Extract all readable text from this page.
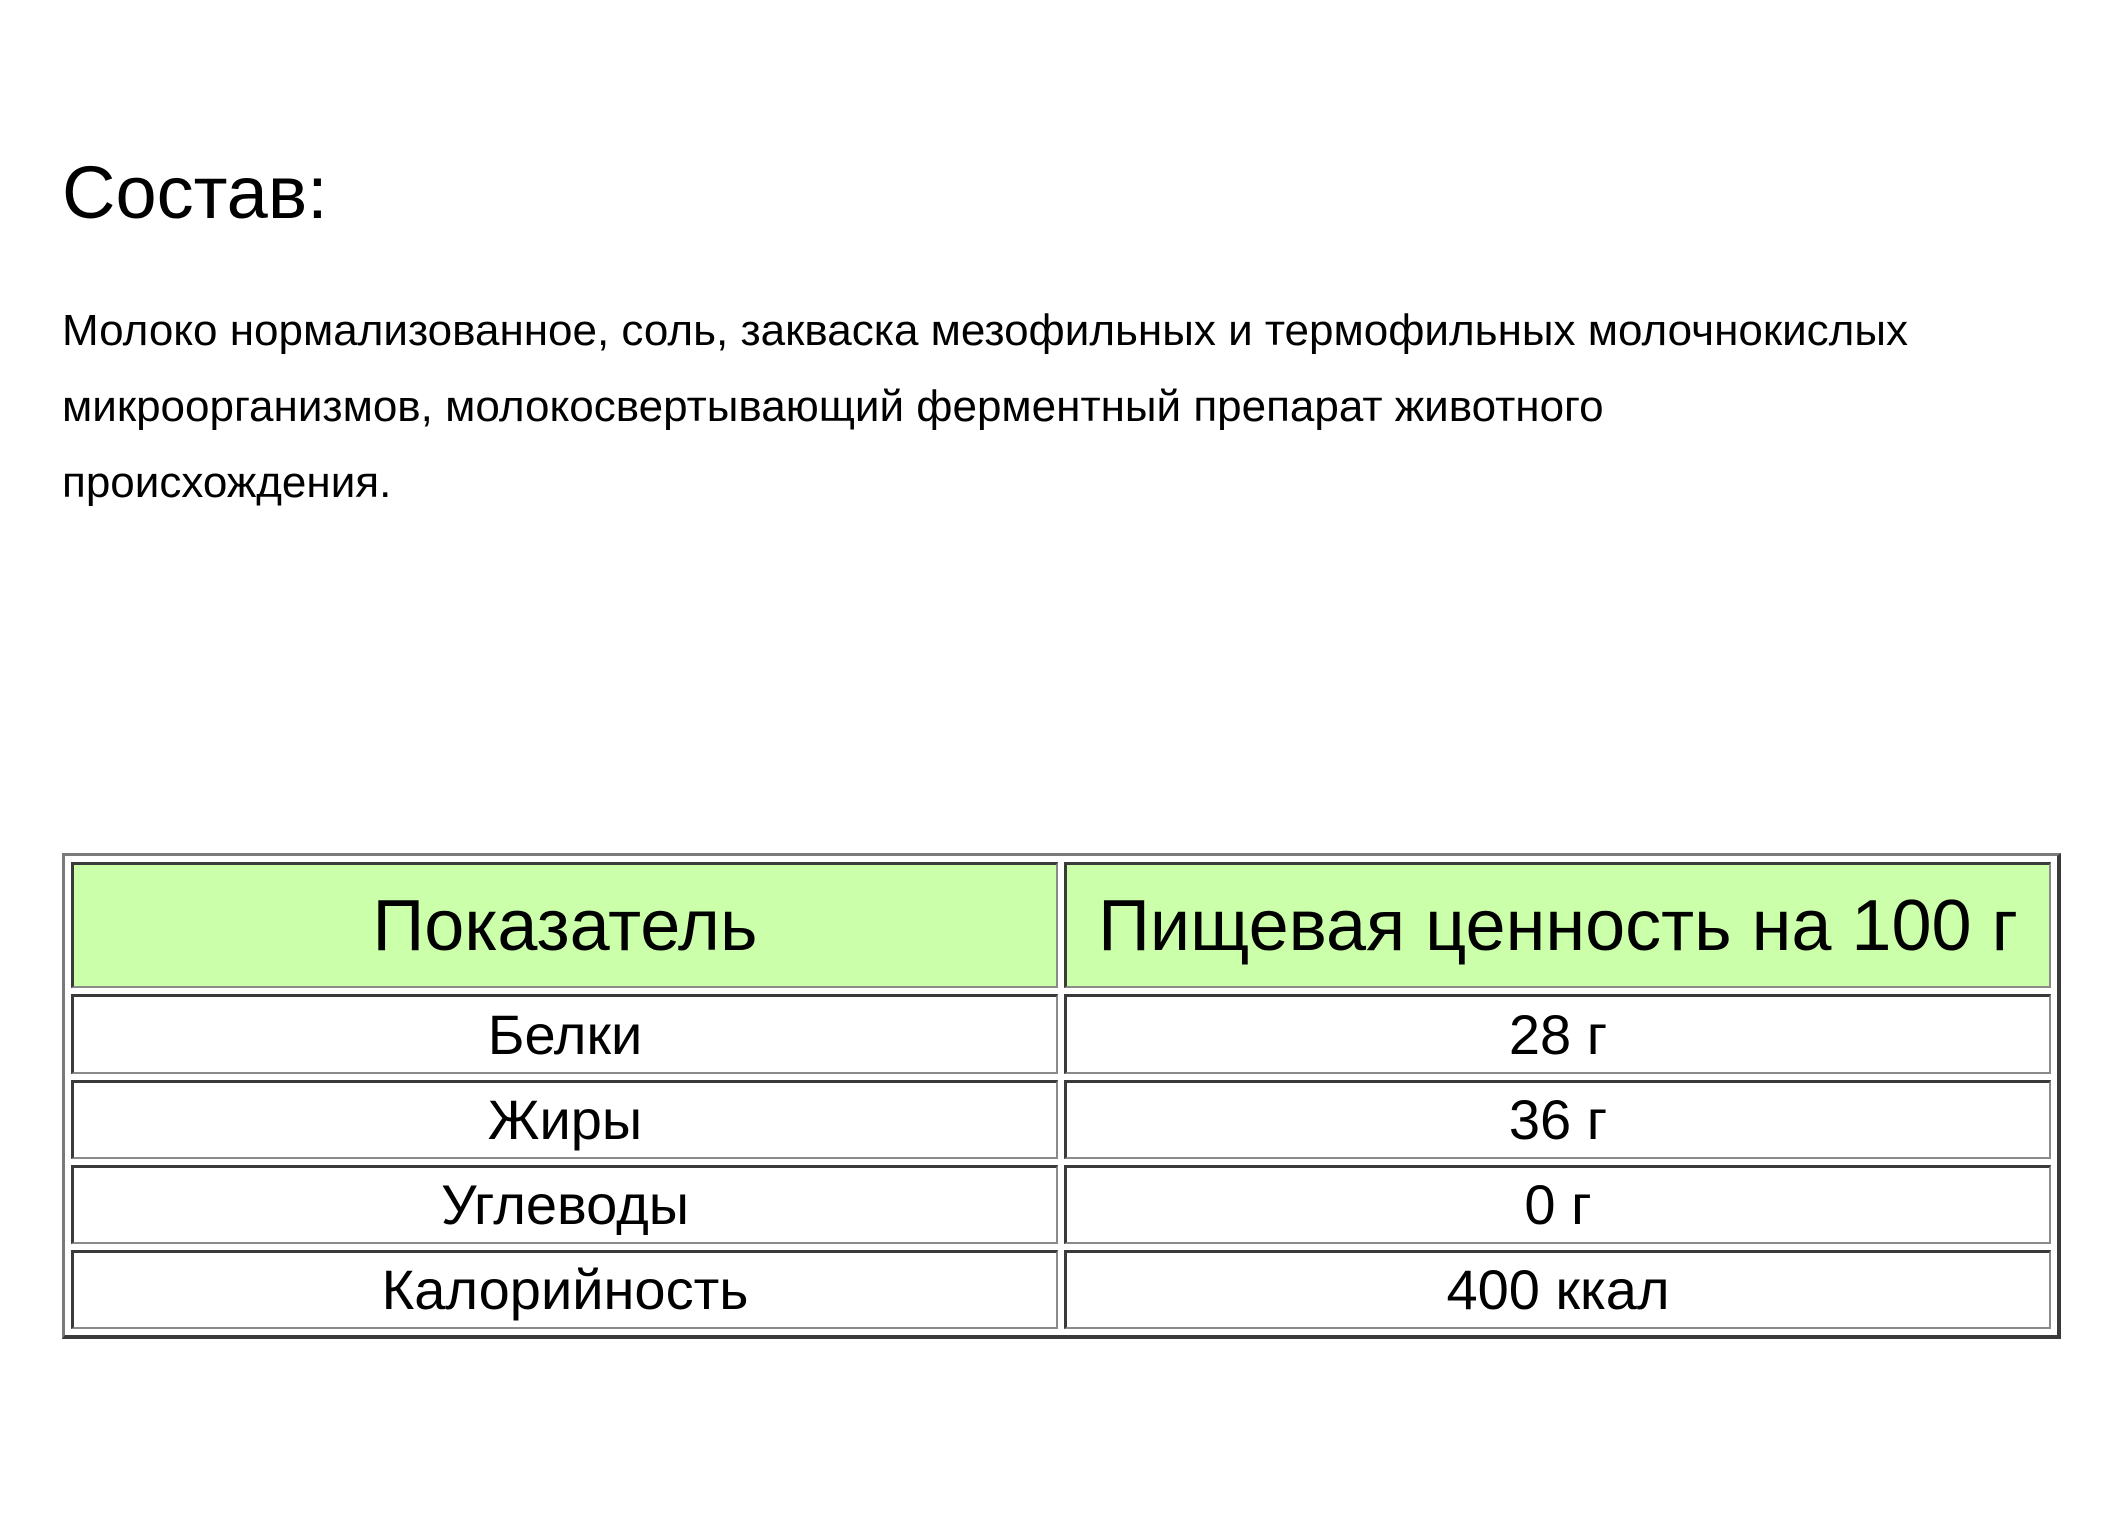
Состав:

Молоко нормализованное, соль, закваска мезофильных и термофильных молочнокислых
микроорганизмов, молокосвертывающий ферментный препарат животного
происхождения.

Показатель	Пищевая ценность на 100 г
Белки	28 г
Жиры	36 г
Углеводы	0 г
Калорийность	400 ккал
